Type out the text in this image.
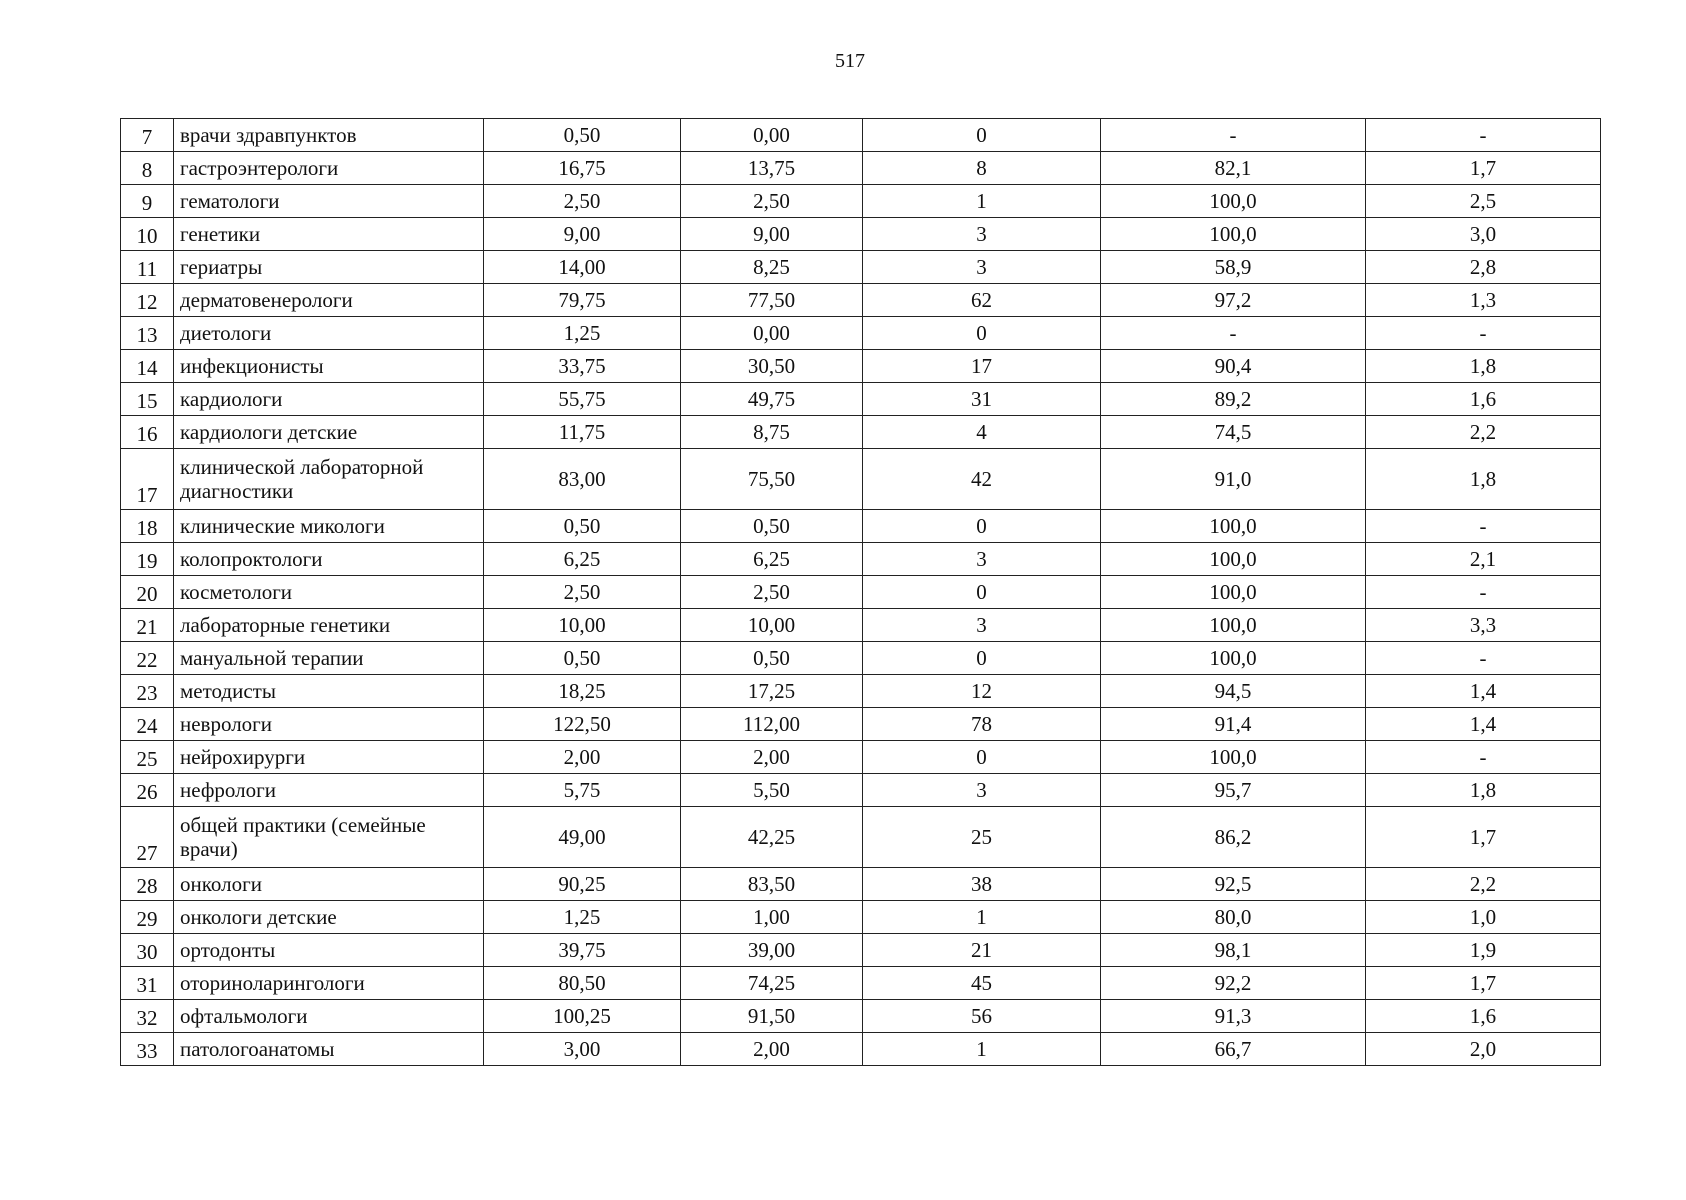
517
7	врачи здравпунктов	0,50	0,00	0	-	-
8	гастроэнтерологи	16,75	13,75	8	82,1	1,7
9	гематологи	2,50	2,50	1	100,0	2,5
10	генетики	9,00	9,00	3	100,0	3,0
11	гериатры	14,00	8,25	3	58,9	2,8
12	дерматовенерологи	79,75	77,50	62	97,2	1,3
13	диетологи	1,25	0,00	0	-	-
14	инфекционисты	33,75	30,50	17	90,4	1,8
15	кардиологи	55,75	49,75	31	89,2	1,6
16	кардиологи детские	11,75	8,75	4	74,5	2,2
17	клинической лабораторной диагностики	83,00	75,50	42	91,0	1,8
18	клинические микологи	0,50	0,50	0	100,0	-
19	колопроктологи	6,25	6,25	3	100,0	2,1
20	косметологи	2,50	2,50	0	100,0	-
21	лабораторные генетики	10,00	10,00	3	100,0	3,3
22	мануальной терапии	0,50	0,50	0	100,0	-
23	методисты	18,25	17,25	12	94,5	1,4
24	неврологи	122,50	112,00	78	91,4	1,4
25	нейрохирурги	2,00	2,00	0	100,0	-
26	нефрологи	5,75	5,50	3	95,7	1,8
27	общей практики (семейные врачи)	49,00	42,25	25	86,2	1,7
28	онкологи	90,25	83,50	38	92,5	2,2
29	онкологи детские	1,25	1,00	1	80,0	1,0
30	ортодонты	39,75	39,00	21	98,1	1,9
31	оториноларингологи	80,50	74,25	45	92,2	1,7
32	офтальмологи	100,25	91,50	56	91,3	1,6
33	патологоанатомы	3,00	2,00	1	66,7	2,0
